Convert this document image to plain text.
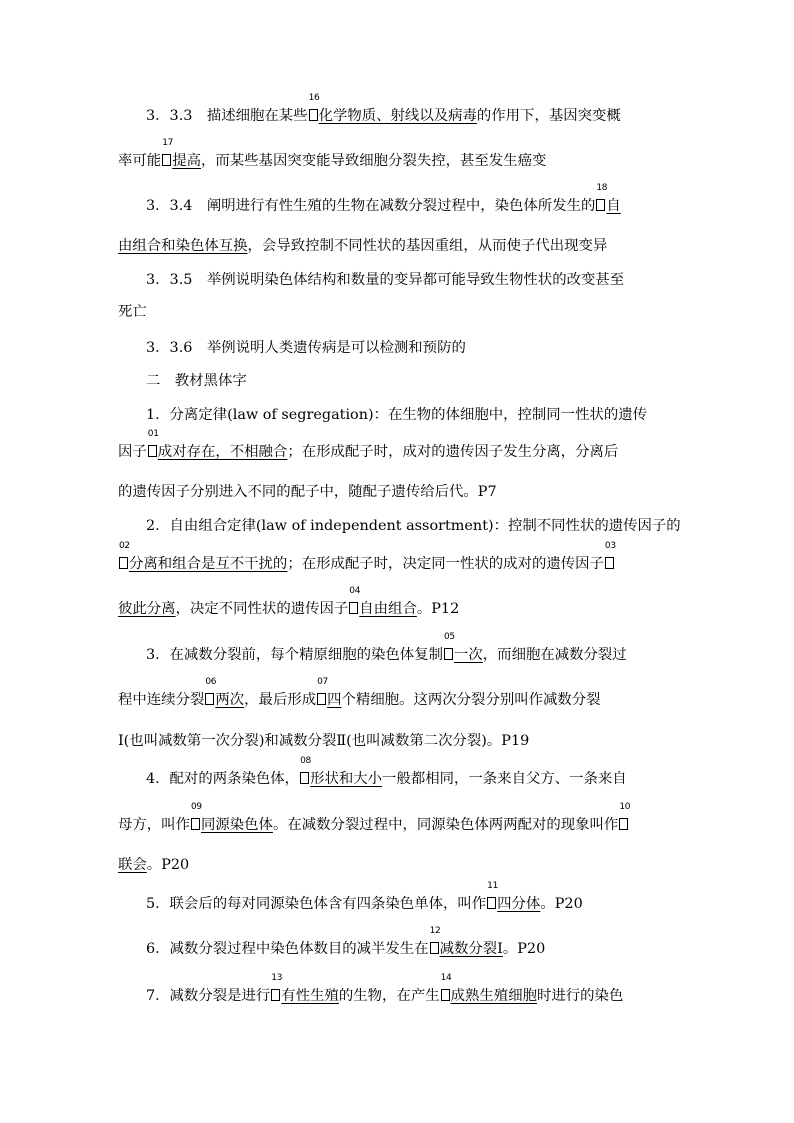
3．3.3　描述细胞在某些
16
化学物质、射线以及病毒的作用下，基因突变概
率可能
17
提高，而某些基因突变能导致细胞分裂失控，甚至发生癌变
3．3.4　阐明进行有性生殖的生物在减数分裂过程中，染色体所发生的
18
自
由组合和染色体互换，会导致控制不同性状的基因重组，从而使子代出现变异
3．3.5　举例说明染色体结构和数量的变异都可能导致生物性状的改变甚至
死亡
3．3.6　举例说明人类遗传病是可以检测和预防的
二　教材黑体字
1．分离定律(law of segregation)：在生物的体细胞中，控制同一性状的遗传
因子
01
成对存在，不相融合；在形成配子时，成对的遗传因子发生分离，分离后
的遗传因子分别进入不同的配子中，随配子遗传给后代。P7
2．自由组合定律(law of independent assortment)：控制不同性状的遗传因子的
02
分离和组合是互不干扰的；在形成配子时，决定同一性状的成对的遗传因子
03
彼此分离，决定不同性状的遗传因子
04
自由组合。P12
3．在减数分裂前，每个精原细胞的染色体复制
05
一次，而细胞在减数分裂过
程中连续分裂
06
两次，最后形成
07
四个精细胞。这两次分裂分别叫作减数分裂
Ⅰ(也叫减数第一次分裂)和减数分裂Ⅱ(也叫减数第二次分裂)。P19
4．配对的两条染色体，
08
形状和大小一般都相同，一条来自父方、一条来自
母方，叫作
09
同源染色体。在减数分裂过程中，同源染色体两两配对的现象叫作
10
联会。P20
5．联会后的每对同源染色体含有四条染色单体，叫作
11
四分体。P20
6．减数分裂过程中染色体数目的减半发生在
12
减数分裂Ⅰ。P20
7．减数分裂是进行
13
有性生殖的生物，在产生
14
成熟生殖细胞时进行的染色
